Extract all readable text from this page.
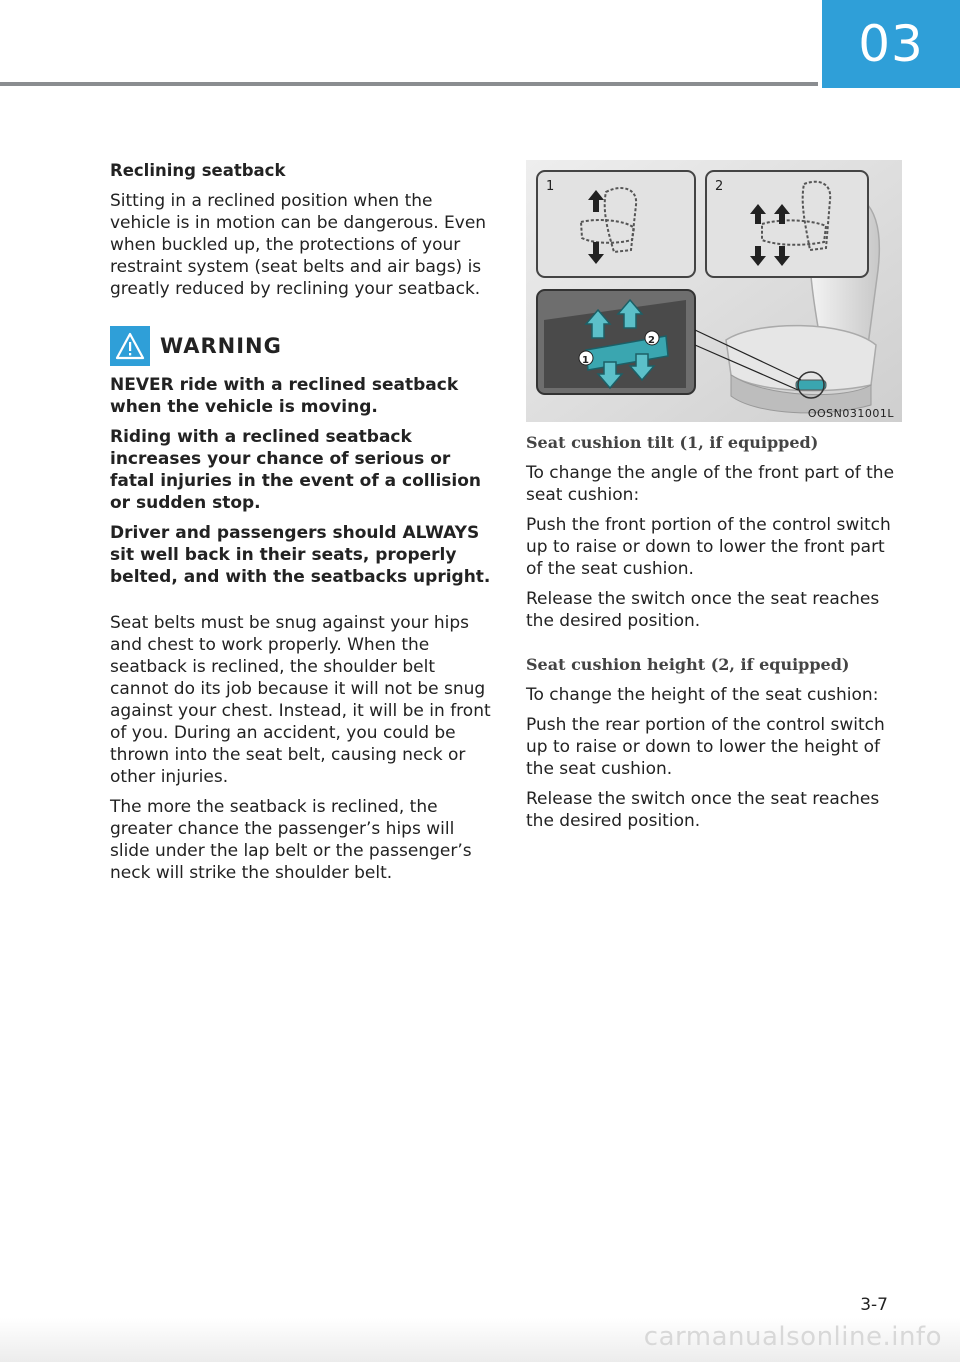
03
Reclining seatback

Sitting in a reclined position when the vehicle is in motion can be dangerous. Even when buckled up, the protections of your restraint system (seat belts and air bags) is greatly reduced by reclining your seatback.

WARNING

NEVER ride with a reclined seatback when the vehicle is moving.

Riding with a reclined seatback increases your chance of serious or fatal injuries in the event of a collision or sudden stop.

Driver and passengers should ALWAYS sit well back in their seats, properly belted, and with the seatbacks upright.

Seat belts must be snug against your hips and chest to work properly. When the seatback is reclined, the shoulder belt cannot do its job because it will not be snug against your chest. Instead, it will be in front of you. During an accident, you could be thrown into the seat belt, causing neck or other injuries.

The more the seatback is reclined, the greater chance the passenger’s hips will slide under the lap belt or the passenger’s neck will strike the shoulder belt.

1	2
1
2
OOSN031001L
Seat cushion tilt (1, if equipped)

To change the angle of the front part of the seat cushion:

Push the front portion of the control switch up to raise or down to lower the front part of the seat cushion.

Release the switch once the seat reaches the desired position.

Seat cushion height (2, if equipped)

To change the height of the seat cushion:

Push the rear portion of the control switch up to raise or down to lower the height of the seat cushion.

Release the switch once the seat reaches the desired position.

3-7
carmanualsonline.info
